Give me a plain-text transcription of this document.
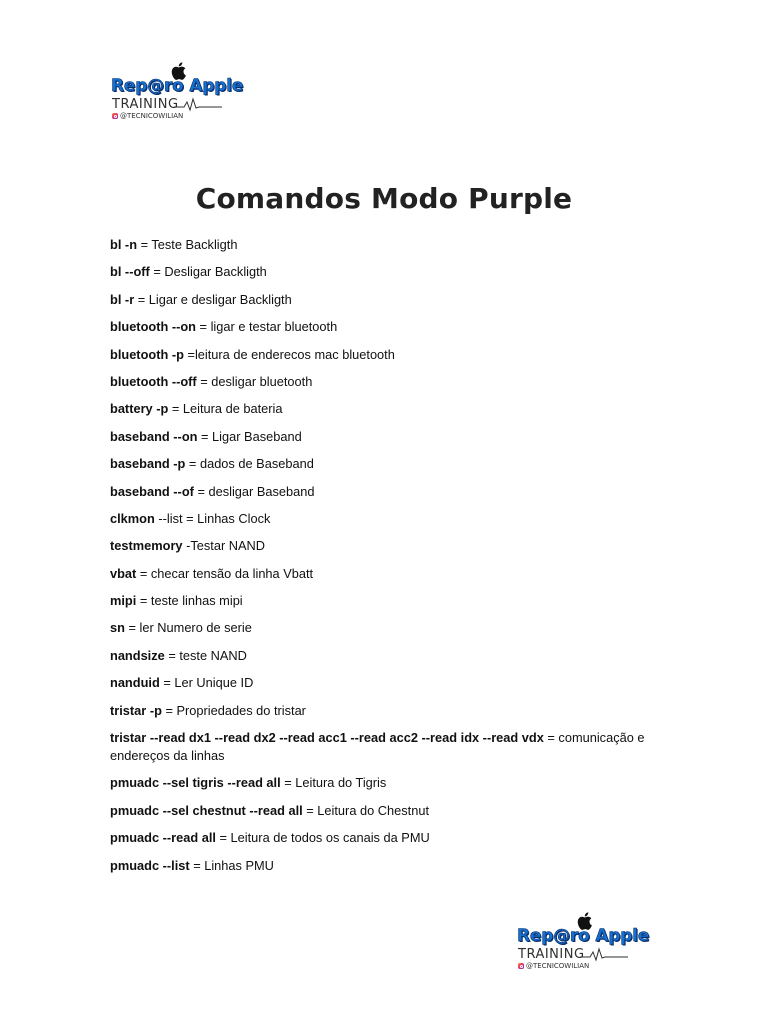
Rep@ro Apple
TRAINING
@TECNICOWILIAN
Comandos Modo Purple
bl -n = Teste Backligth
bl --off = Desligar Backligth
bl -r = Ligar e desligar Backligth
bluetooth --on = ligar e testar bluetooth
bluetooth -p =leitura de enderecos mac bluetooth
bluetooth --off = desligar bluetooth
battery -p = Leitura de bateria
baseband --on = Ligar Baseband
baseband -p = dados de Baseband
baseband --of = desligar Baseband
clkmon --list = Linhas Clock
testmemory -Testar NAND
vbat = checar tensão da linha Vbatt
mipi = teste linhas mipi
sn = ler Numero de serie
nandsize = teste NAND
nanduid = Ler Unique ID
tristar -p = Propriedades do tristar
tristar --read dx1 --read dx2 --read acc1 --read acc2 --read idx --read vdx = comunicação e endereços da linhas
pmuadc --sel tigris --read all = Leitura do Tigris
pmuadc --sel chestnut --read all = Leitura do Chestnut
pmuadc --read all = Leitura de todos os canais da PMU
pmuadc --list = Linhas PMU
Rep@ro Apple
TRAINING
@TECNICOWILIAN
